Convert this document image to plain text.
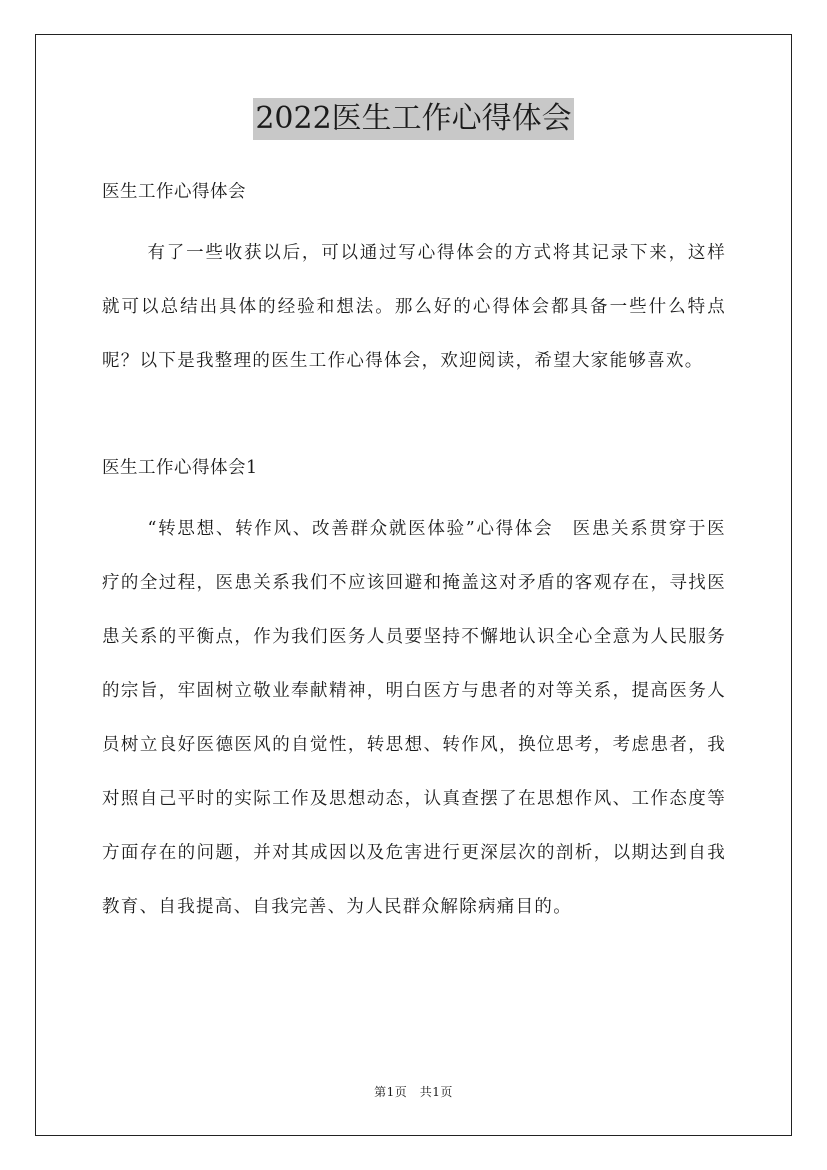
2022医生工作心得体会

医生工作心得体会

有了一些收获以后，可以通过写心得体会的方式将其记录下来，这样就可以总结出具体的经验和想法。那么好的心得体会都具备一些什么特点呢？以下是我整理的医生工作心得体会，欢迎阅读，希望大家能够喜欢。

医生工作心得体会1

“转思想、转作风、改善群众就医体验”心得体会　医患关系贯穿于医疗的全过程，医患关系我们不应该回避和掩盖这对矛盾的客观存在，寻找医患关系的平衡点，作为我们医务人员要坚持不懈地认识全心全意为人民服务的宗旨，牢固树立敬业奉献精神，明白医方与患者的对等关系，提高医务人员树立良好医德医风的自觉性，转思想、转作风，换位思考，考虑患者，我对照自己平时的实际工作及思想动态，认真查摆了在思想作风、工作态度等方面存在的问题，并对其成因以及危害进行更深层次的剖析，以期达到自我教育、自我提高、自我完善、为人民群众解除病痛目的。

第1页　共1页
